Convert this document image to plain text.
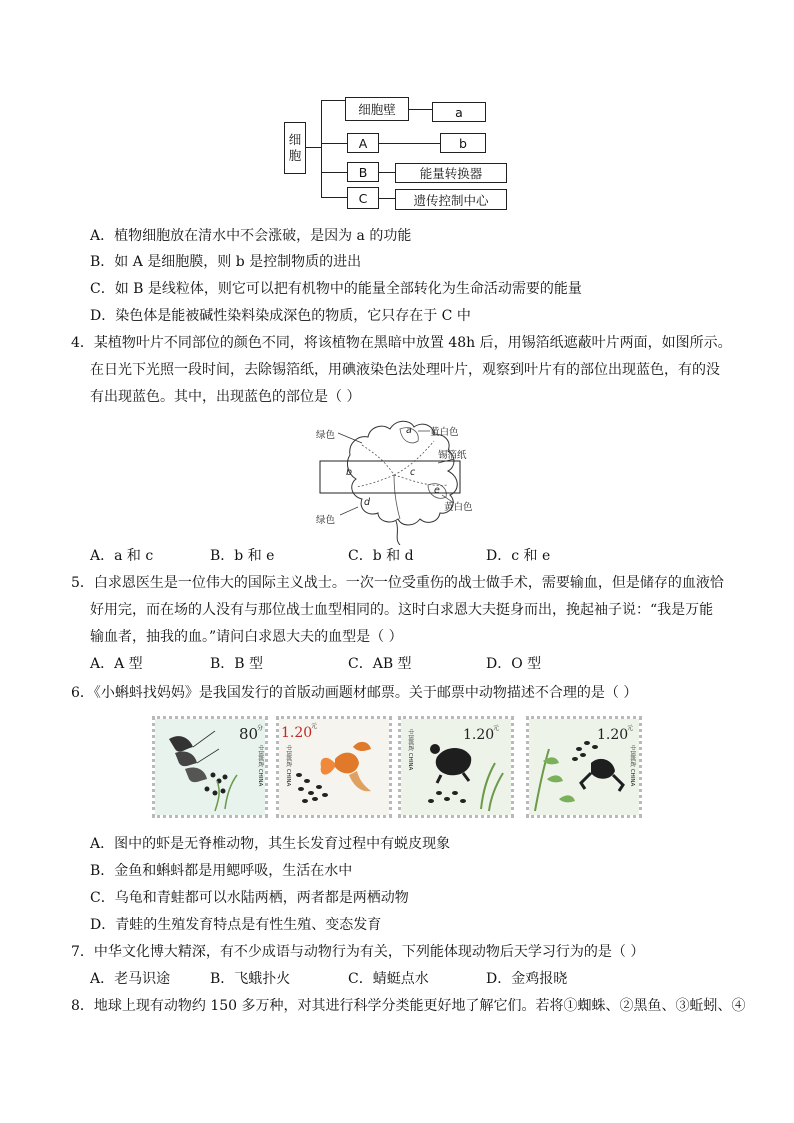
细
胞
细胞壁
A
B
C
a
b
能量转换器
遗传控制中心
A．植物细胞放在清水中不会涨破，是因为 a 的功能
B．如 A 是细胞膜，则 b 是控制物质的进出
C．如 B 是线粒体，则它可以把有机物中的能量全部转化为生命活动需要的能量
D．染色体是能被碱性染料染成深色的物质，它只存在于 C 中
4．某植物叶片不同部位的颜色不同，将该植物在黑暗中放置 48h 后，用锡箔纸遮蔽叶片两面，如图所示。
在日光下光照一段时间，去除锡箔纸，用碘液染色法处理叶片，观察到叶片有的部位出现蓝色，有的没
有出现蓝色。其中，出现蓝色的部位是（ ）
绿色	黄白色
锡箔纸
绿色
黄白色
a
b	c
d
e
A．a 和 c	B．b 和 e	C．b 和 d	D．c 和 e
5．白求恩医生是一位伟大的国际主义战士。一次一位受重伤的战士做手术，需要输血，但是储存的血液恰
好用完，而在场的人没有与那位战士血型相同的。这时白求恩大夫挺身而出，挽起袖子说：“我是万能
输血者，抽我的血。”请问白求恩大夫的血型是（ ）
A．A 型	B．B 型	C．AB 型	D．O 型
6．《小蝌蚪找妈妈》是我国发行的首版动画题材邮票。关于邮票中动物描述不合理的是（ ）
80
分
中国邮政 CHINA
1.20
元
中国邮政 CHINA
1.20
元
中国邮政 CHINA	1.20
元
中国邮政 CHINA
A．图中的虾是无脊椎动物，其生长发育过程中有蜕皮现象
B．金鱼和蝌蚪都是用鳃呼吸，生活在水中
C．乌龟和青蛙都可以水陆两栖，两者都是两栖动物
D．青蛙的生殖发育特点是有性生殖、变态发育
7．中华文化博大精深，有不少成语与动物行为有关，下列能体现动物后天学习行为的是（ ）
A．老马识途	B．飞蛾扑火	C．蜻蜓点水	D．金鸡报晓
8．地球上现有动物约 150 多万种，对其进行科学分类能更好地了解它们。若将①蜘蛛、②黑鱼、③蚯蚓、④
